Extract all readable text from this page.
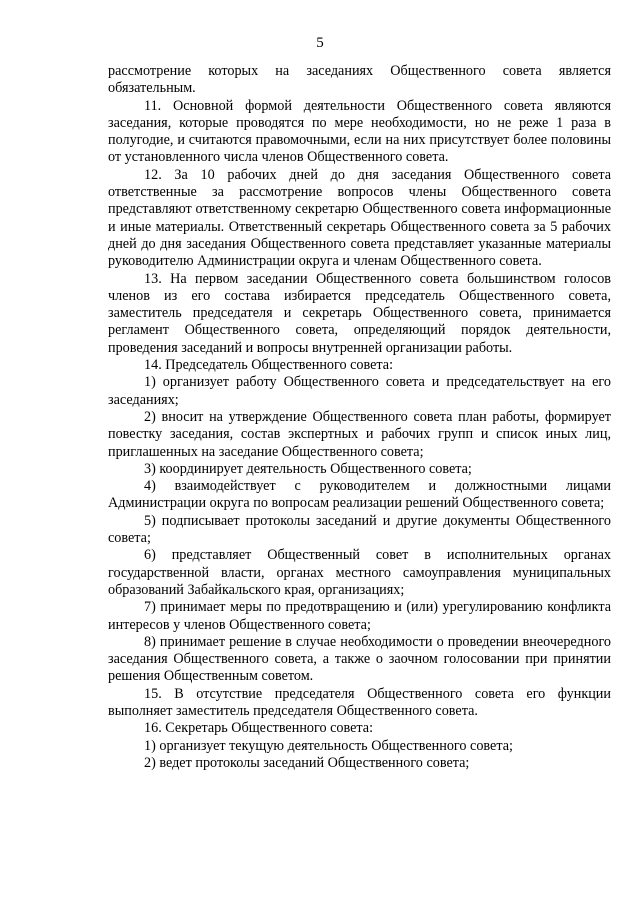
5

рассмотрение которых на заседаниях Общественного совета является обязательным.

11. Основной формой деятельности Общественного совета являются заседания, которые проводятся по мере необходимости, но не реже 1 раза в полугодие, и считаются правомочными, если на них присутствует более половины от установленного числа членов Общественного совета.

12. За 10 рабочих дней до дня заседания Общественного совета ответственные за рассмотрение вопросов члены Общественного совета представляют ответственному секретарю Общественного совета информационные и иные материалы. Ответственный секретарь Общественного совета за 5 рабочих дней до дня заседания Общественного совета представляет указанные материалы руководителю Администрации округа и членам Общественного совета.

13. На первом заседании Общественного совета большинством голосов членов из его состава избирается председатель Общественного совета, заместитель председателя и секретарь Общественного совета, принимается регламент Общественного совета, определяющий порядок деятельности, проведения заседаний и вопросы внутренней организации работы.

14. Председатель Общественного совета:

1) организует работу Общественного совета и председательствует на его заседаниях;

2) вносит на утверждение Общественного совета план работы, формирует повестку заседания, состав экспертных и рабочих групп и список иных лиц, приглашенных на заседание Общественного совета;

3) координирует деятельность Общественного совета;

4) взаимодействует с руководителем и должностными лицами Администрации округа по вопросам реализации решений Общественного совета;

5) подписывает протоколы заседаний и другие документы Общественного совета;

6) представляет Общественный совет в исполнительных органах государственной власти, органах местного самоуправления муниципальных образований Забайкальского края, организациях;

7) принимает меры по предотвращению и (или) урегулированию конфликта интересов у членов Общественного совета;

8) принимает решение в случае необходимости о проведении внеочередного заседания Общественного совета, а также о заочном голосовании при принятии решения Общественным советом.

15. В отсутствие председателя Общественного совета его функции выполняет заместитель председателя Общественного совета.

16. Секретарь Общественного совета:

1) организует текущую деятельность Общественного совета;

2) ведет протоколы заседаний Общественного совета;
